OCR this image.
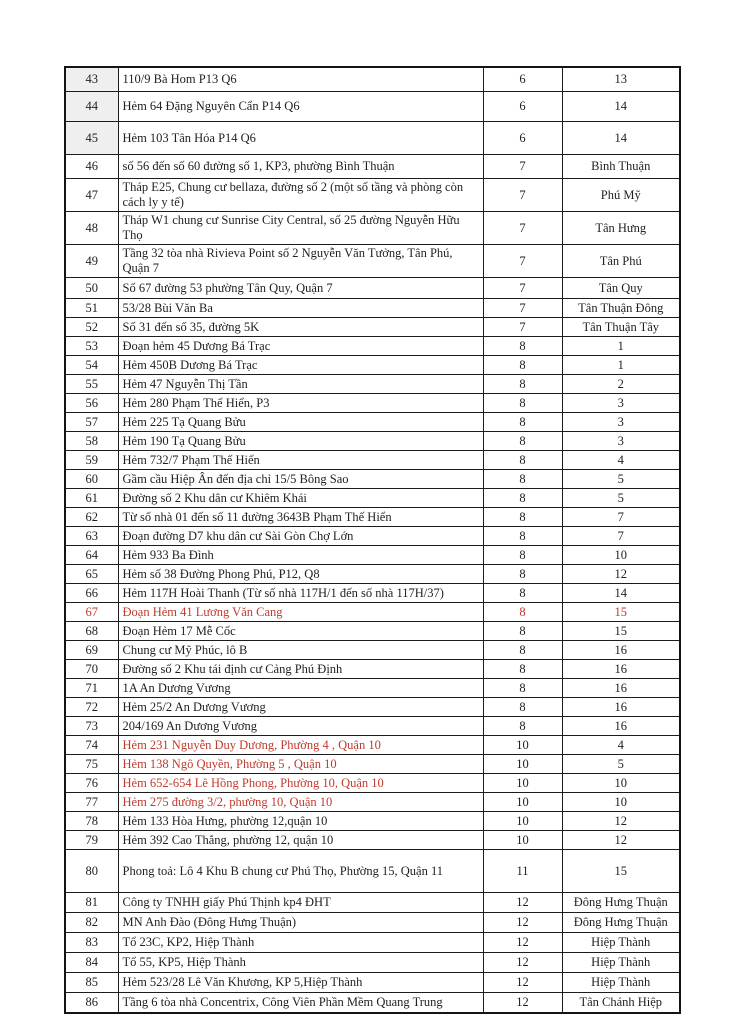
43	110/9 Bà Hom P13 Q6	6	13
44	Hẻm 64 Đặng Nguyên Cẩn P14 Q6	6	14
45	Hẻm 103 Tân Hóa P14 Q6	6	14
46	số 56 đến số 60 đường số 1, KP3, phường Bình Thuận	7	Bình Thuận
47	Tháp E25, Chung cư bellaza, đường số 2 (một số tầng và phòng còn cách ly y tế)	7	Phú Mỹ
48	Tháp W1 chung cư Sunrise City Central, số 25 đường Nguyễn Hữu Thọ	7	Tân Hưng
49	Tầng 32 tòa nhà Rivieva Point số 2 Nguyễn Văn Tưởng, Tân Phú, Quận 7	7	Tân Phú
50	Số 67 đường 53 phường Tân Quy, Quận 7	7	Tân Quy
51	53/28 Bùi Văn Ba	7	Tân Thuận Đông
52	Số 31 đến số 35, đường 5K	7	Tân Thuận Tây
53	Đoạn hẻm 45 Dương Bá Trạc	8	1
54	Hẻm 450B Dương Bá Trạc	8	1
55	Hẻm 47 Nguyễn Thị Tần	8	2
56	Hẻm 280 Phạm Thế Hiển, P3	8	3
57	Hẻm 225 Tạ Quang Bửu	8	3
58	Hẻm 190 Tạ Quang Bửu	8	3
59	Hẻm 732/7 Phạm Thế Hiển	8	4
60	Gầm cầu Hiệp Ân đến địa chỉ 15/5 Bông Sao	8	5
61	Đường số 2 Khu dân cư Khiêm Khái	8	5
62	Từ số nhà 01 đến số 11 đường 3643B Phạm Thế Hiển	8	7
63	Đoạn đường D7 khu dân cư Sài Gòn Chợ Lớn	8	7
64	Hẻm 933 Ba Đình	8	10
65	Hẻm số 38 Đường Phong Phú, P12, Q8	8	12
66	Hẻm 117H Hoài Thanh (Từ số nhà 117H/1 đến số nhà 117H/37)	8	14
67	Đoạn Hẻm 41 Lương Văn Cang	8	15
68	Đoạn Hẻm 17 Mễ Cốc	8	15
69	Chung cư Mỹ Phúc, lô B	8	16
70	Đường số 2 Khu tái định cư Cảng Phú Định	8	16
71	1A An Dương Vương	8	16
72	Hẻm 25/2 An Dương Vương	8	16
73	204/169 An Dương Vương	8	16
74	Hẻm 231 Nguyễn Duy Dương, Phường 4 , Quận 10	10	4
75	Hẻm 138 Ngô Quyền, Phường 5 , Quận 10	10	5
76	Hẻm 652-654 Lê Hồng Phong, Phường 10, Quận 10	10	10
77	Hẻm 275 đường 3/2, phường 10, Quận 10	10	10
78	Hẻm 133 Hòa Hưng, phường 12,quận 10	10	12
79	Hẻm 392 Cao Thắng, phường 12, quận 10	10	12
80	Phong toả: Lô 4 Khu B chung cư Phú Thọ, Phường 15, Quận 11	11	15
81	Công ty TNHH giấy Phú Thịnh kp4 ĐHT	12	Đông Hưng Thuận
82	MN Anh Đào (Đông Hưng Thuận)	12	Đông Hưng Thuận
83	Tổ 23C, KP2, Hiệp Thành	12	Hiệp Thành
84	Tổ 55, KP5, Hiệp Thành	12	Hiệp Thành
85	Hẻm 523/28 Lê Văn Khương, KP 5,Hiệp Thành	12	Hiệp Thành
86	Tầng 6 tòa nhà Concentrix, Công Viên Phần Mềm Quang Trung	12	Tân Chánh Hiệp
